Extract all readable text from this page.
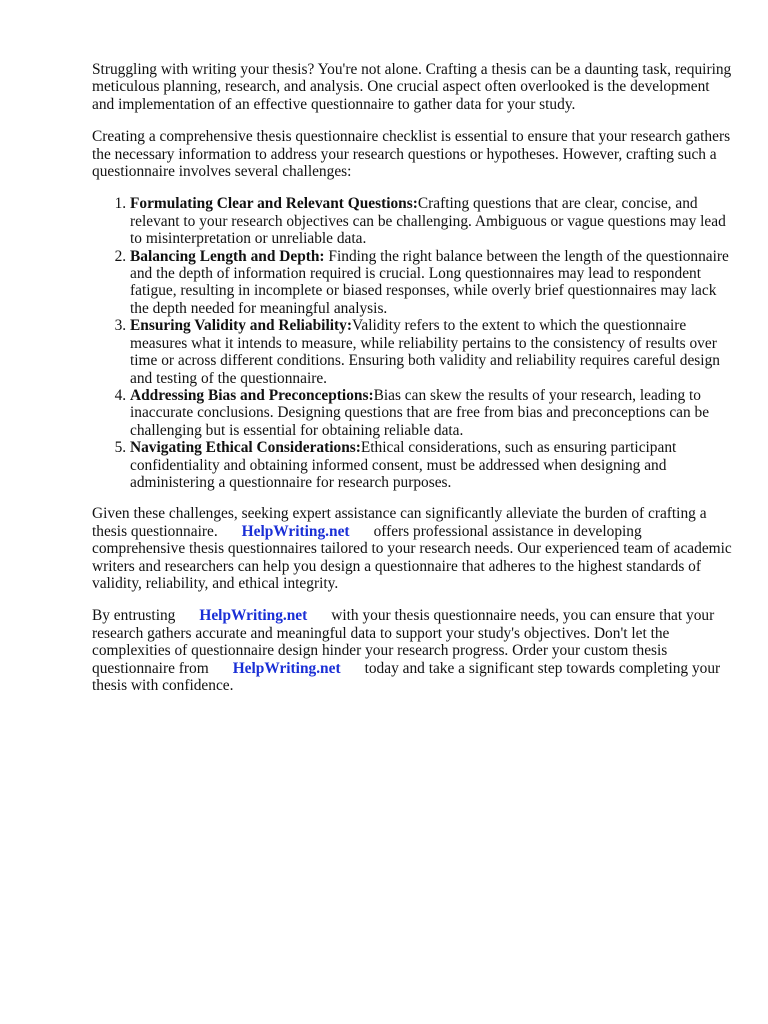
Struggling with writing your thesis? You're not alone. Crafting a thesis can be a daunting task, requiring meticulous planning, research, and analysis. One crucial aspect often overlooked is the development and implementation of an effective questionnaire to gather data for your study.

Creating a comprehensive thesis questionnaire checklist is essential to ensure that your research gathers the necessary information to address your research questions or hypotheses. However, crafting such a questionnaire involves several challenges:

1. Formulating Clear and Relevant Questions:Crafting questions that are clear, concise, and relevant to your research objectives can be challenging. Ambiguous or vague questions may lead to misinterpretation or unreliable data.
2. Balancing Length and Depth: Finding the right balance between the length of the questionnaire and the depth of information required is crucial. Long questionnaires may lead to respondent fatigue, resulting in incomplete or biased responses, while overly brief questionnaires may lack the depth needed for meaningful analysis.
3. Ensuring Validity and Reliability:Validity refers to the extent to which the questionnaire measures what it intends to measure, while reliability pertains to the consistency of results over time or across different conditions. Ensuring both validity and reliability requires careful design and testing of the questionnaire.
4. Addressing Bias and Preconceptions:Bias can skew the results of your research, leading to inaccurate conclusions. Designing questions that are free from bias and preconceptions can be challenging but is essential for obtaining reliable data.
5. Navigating Ethical Considerations:Ethical considerations, such as ensuring participant confidentiality and obtaining informed consent, must be addressed when designing and administering a questionnaire for research purposes.

Given these challenges, seeking expert assistance can significantly alleviate the burden of crafting a thesis questionnaire. HelpWriting.net offers professional assistance in developing comprehensive thesis questionnaires tailored to your research needs. Our experienced team of academic writers and researchers can help you design a questionnaire that adheres to the highest standards of validity, reliability, and ethical integrity.

By entrusting HelpWriting.net with your thesis questionnaire needs, you can ensure that your research gathers accurate and meaningful data to support your study's objectives. Don't let the complexities of questionnaire design hinder your research progress. Order your custom thesis questionnaire from HelpWriting.net today and take a significant step towards completing your thesis with confidence.
